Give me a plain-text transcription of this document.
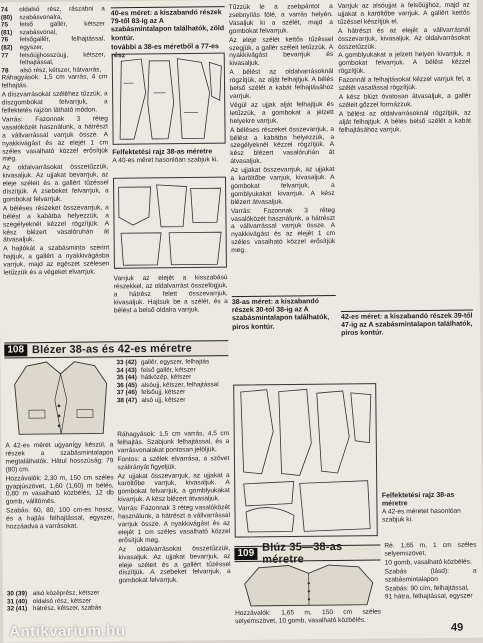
74 (80)	oldalsó rész, rászabni a szabásvonalra,
75 (81)	felső gallér, kétszer szabásvonal,
76 (82)	felsőgallér, felhajtással, egyszer,
77	felsőújjhosszúujj, kétszer, felhajtással,
78	alsó rész, kétszer, hátvarrás,

Ráhagyások: 1,5 cm varrás, 4 cm felhajtás.

A díszvarrásokat széléhez tűzzük, a díszgombokat felvarrjuk, a felfektetés rajzon látható módon.

Varrás: Fazonnak 3 réteg vasalóközét használunk, a hátrészt a vállvarrással varrjuk össze. A nyakkivágást és az elejét 1 cm széles vasalható közzel erősítjük meg.

Az oldalvarrásokat összetűzzük, kivasaljuk. Az ujjakat bevarrjuk, az eleje széleit és a gallért tűzéssel díszítjük. A zsebeket felvarrjuk, a gombokat felvarrjuk.

A béléses részeket összevarrjuk, a bélést a kabátba helyezzük, a szegélyeknél kézzel rögzítjük. A kész blézert vasalóruhán át átvasaljuk.

A hajtókát a szabásminta szerint hajtjuk, a gallért a nyakkivágásba varrjuk, majd az egészet szélesen letűzzük és a végeket elvarrjuk.

40-es méret: a kiszabandó részek 79-től 83-ig az A szabásmintalapon találhatók, zöld kontúr.
további a 38-es méretből a 77-es rész
Felfektetési rajz 38-as méretre
A 40-es méret hasonlóan szabjuk ki.

Varrjuk az elejét a kisszabású részekkel, az oldalvarrást összefogjuk, a hátrész felett összevarrjuk, kivasaljuk. Hajtsuk be a szélét, és a bélést a belső oldalra varrjuk.

Tűzzük le a zsebpántot a zsebnyílás fölé, a varrás helyén. Vasaljuk ki a szélét, majd a gombokat felvarrjuk.

Az eleje szélét kettős tűzéssel szegjük, a gallér széleit letűzzük. A nyakkivágást bevarrjuk és kivasaljuk.

A bélést az oldalvarrásoknál rögzítjük, az alját felhajtjuk. A bélés belső szélét a kabát felhajtásához varrjuk.

Végül az ujjak alját felhajtjuk és letűzzük, a gombokat a jelzett helyekre varrjuk.

A béléses részeket összevarrjuk, a bélést a kabátba helyezzük, a szegélyeknél kézzel rögzítjük. A kész blézert vasalóruhán át átvasaljuk.

Az ujjakat összevarrjuk, az ujjakat a karöltőbe varrjuk, kivasaljuk. A gombokat felvarrjuk, a gomblyukakat kivarrjuk. A kész blézert átvasaljuk.

Varrás: Fazonnak 3 réteg vasalóközét használunk, a hátrészt a vállvarrással varrjuk össze. A nyakkivágást és az elejét 1 cm széles vasalható közzel erősítjük meg.

38-as méret: a kiszabandó részek 30-tól 38-ig az A szabásmintalapon találhatók, piros kontúr.

Varrjuk az alsóujjat a felsőújjhoz, majd az ujjakat a karöltőbe varrjuk. A gallért kettős tűzéssel készítjük el.

A hátrészt és az elejét a vállvarrásnál összevarrjuk, kivasaljuk. Az oldalvarrásokat összetűzzük.

A gomblyukakat a jelzett helyen kivarrjuk, a gombokat felvarrjuk. A bélést kézzel rögzítjük.

Fazonnál a felhajtásokat kézzel varrjuk fel, a szélét vasalással rögzítjük.

A kész blúzt óvatosan átvasaljuk, a gallér széleit gőzzel formázzuk.

A bélést az oldalvarrásoknál rögzítjük, az alját felhajtjuk. A bélés belső szélét a kabát felhajtásához varrjuk.

42-es méret: a kiszabandó részek 39-től 47-ig az A szabásmintalapon találhatók, piros kontúr.
108 Blézer 38-as és 42-es méretre

A 42-es méret ugyanígy készül, a részek a szabásmintalapon megtalálhatók. Hátul hosszúság: 79 (80) cm.

Hozzávalók: 2,30 m, 150 cm széles gyapjúszövet, 1,60 (1,60) m bélés, 0,80 m vasalható közbélés, 12 db gomb, válltömés.

Szabás: 60, 80, 100 cm-es hossz, és a hajtás felhajtással, egyszer, hozzáadva a varrásokat.

30 (39)	alsó középrész, kétszer
31 (40)	oldalsó rész, kétszer
32 (41)	hátrész, kétszer, szabás
33 (42)	gallér, egyszer, felhajtás
34 (43)	felső gallér, kétszer
35 (44)	hátközép, kétszer
36 (45)	alsóujj, kétszer, felhajtással
37 (46)	felsőujj, kétszer
38 (47)	alsó ujj, kétszer

Ráhagyások: 1,5 cm varrás, 4,5 cm felhajtás. Szabjunk felhajtással, és a varrásvonalakat pontosan jelöljük.

Fontos: a szélek elvarrása, a szövet szálirányát figyeljük.

Az ujjakat összevarrjuk, az ujjakat a karöltőbe varrjuk, kivasaljuk. A gombokat felvarrjuk, a gomblyukakat kivarrjuk. A kész blézert átvasaljuk.

Varrás: Fazonnak 3 réteg vasalóközét használunk, a hátrészt a vállvarrással varrjuk össze. A nyakkivágást és az elejét 1 cm széles vasalható közzel erősítjük meg.

Az oldalvarrásokat összetűzzük, kivasaljuk. Az ujjakat bevarrjuk, az eleje széleit és a gallért tűzéssel díszítjük. A zsebeket felvarrjuk, a gombokat felvarrjuk.

Felfektetési rajz 38-as méretre
A 42-es méretet hasonlóan szabjuk ki.
109 Blúz 35—38-as méretre

Hozzávalók: 1,65 m, 150 cm széles selyemszövet, 10 gomb, vasalható közbélés.

Ré. 1,65 m, 1 cm széles selyemszövet,

10 gomb, vasalható közbélés.

Szabás (lásd): a szabásmintalapon

Szabás: 90 cím, felhajtással,

91 hátra, felhajtással, egyszer

Antikvarium.hu	49
